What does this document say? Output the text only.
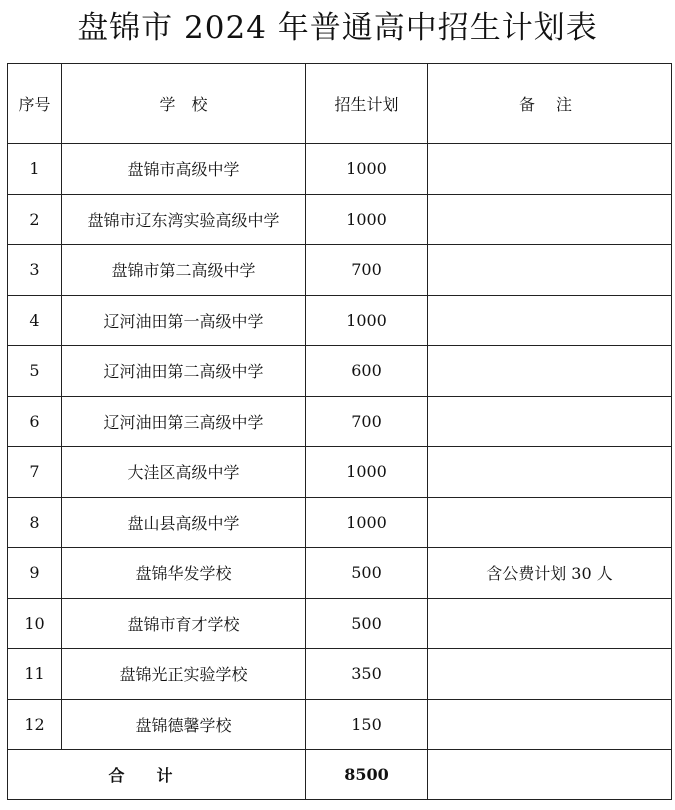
盘锦市 2024 年普通高中招生计划表
序号	学　校	招生计划	备 注
1	盘锦市高级中学	1000	
2	盘锦市辽东湾实验高级中学	1000	
3	盘锦市第二高级中学	700	
4	辽河油田第一高级中学	1000	
5	辽河油田第二高级中学	600	
6	辽河油田第三高级中学	700	
7	大洼区高级中学	1000	
8	盘山县高级中学	1000	
9	盘锦华发学校	500	含公费计划 30 人
10	盘锦市育才学校	500	
11	盘锦光正实验学校	350	
12	盘锦德馨学校	150	
合计		8500	
